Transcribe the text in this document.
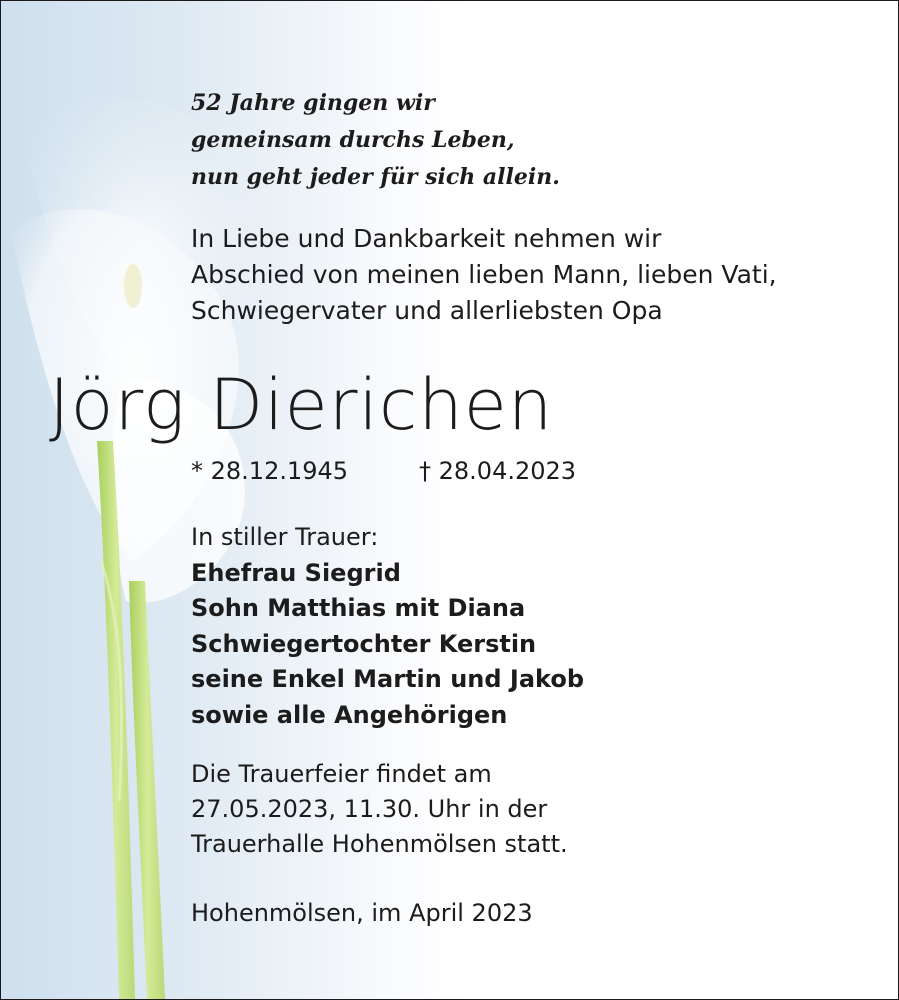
52 Jahre gingen wir
gemeinsam durchs Leben,
nun geht jeder für sich allein.

In Liebe und Dankbarkeit nehmen wir
Abschied von meinen lieben Mann, lieben Vati,
Schwiegervater und allerliebsten Opa

Jörg Dierichen

* 28.12.1945	† 28.04.2023

In stiller Trauer:
Ehefrau Siegrid
Sohn Matthias mit Diana
Schwiegertochter Kerstin
seine Enkel Martin und Jakob
sowie alle Angehörigen

Die Trauerfeier findet am
27.05.2023, 11.30. Uhr in der
Trauerhalle Hohenmölsen statt.

Hohenmölsen, im April 2023
